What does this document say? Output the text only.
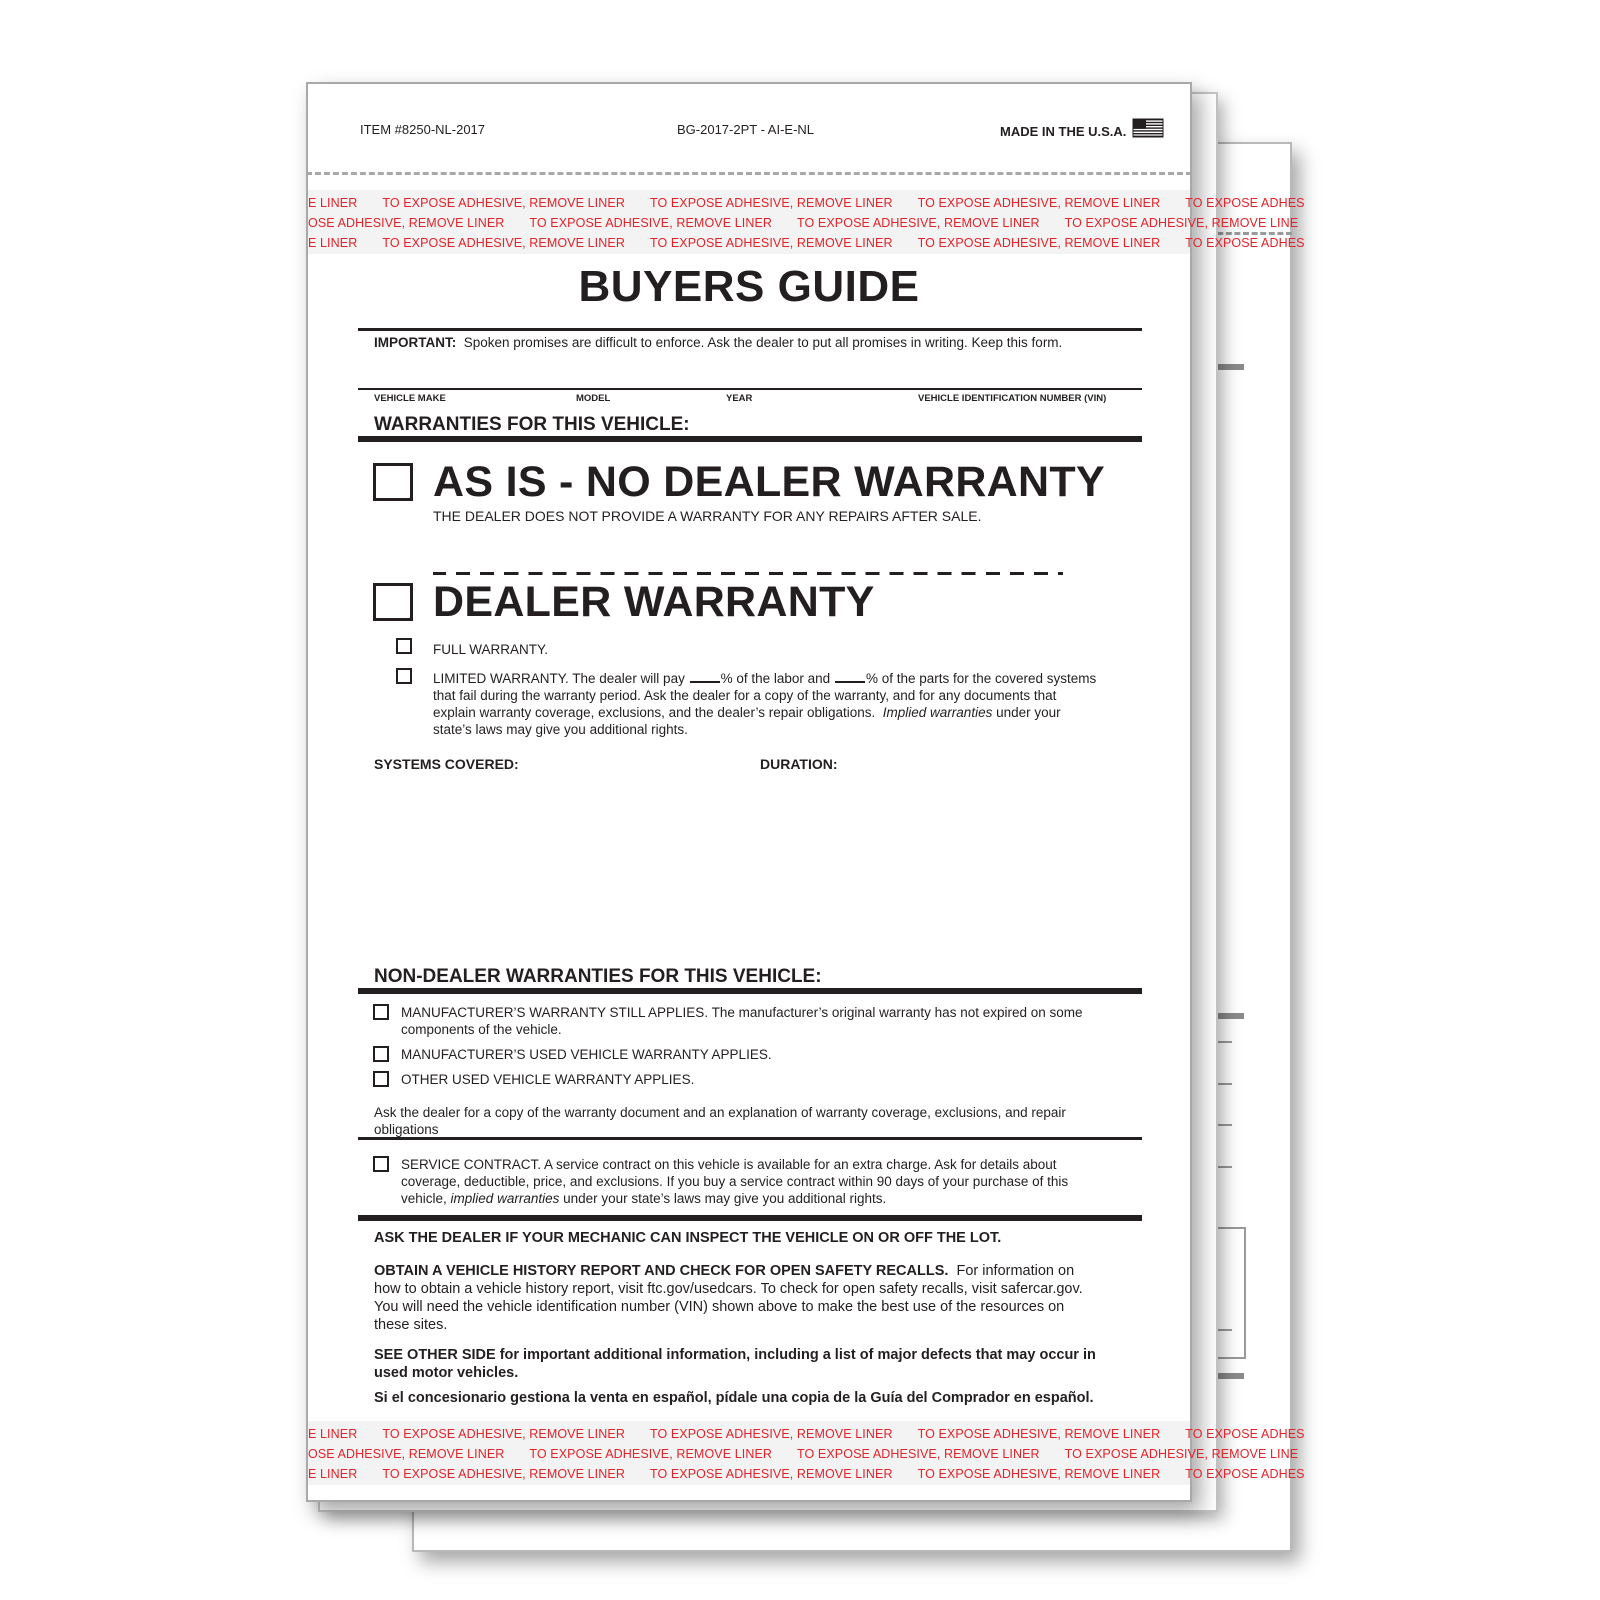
ITEM #8250-NL-2017	BG-2017-2PT - AI-E-NL	MADE IN THE U.S.A.
E LINER TO EXPOSE ADHESIVE, REMOVE LINER TO EXPOSE ADHESIVE, REMOVE LINER TO EXPOSE ADHESIVE, REMOVE LINER TO EXPOSE ADHES
OSE ADHESIVE, REMOVE LINER TO EXPOSE ADHESIVE, REMOVE LINER TO EXPOSE ADHESIVE, REMOVE LINER TO EXPOSE ADHESIVE, REMOVE LINE
E LINER TO EXPOSE ADHESIVE, REMOVE LINER TO EXPOSE ADHESIVE, REMOVE LINER TO EXPOSE ADHESIVE, REMOVE LINER TO EXPOSE ADHES
BUYERS GUIDE
IMPORTANT: Spoken promises are difficult to enforce. Ask the dealer to put all promises in writing. Keep this form.
VEHICLE MAKE	MODEL	YEAR	VEHICLE IDENTIFICATION NUMBER (VIN)
WARRANTIES FOR THIS VEHICLE:
AS IS - NO DEALER WARRANTY
THE DEALER DOES NOT PROVIDE A WARRANTY FOR ANY REPAIRS AFTER SALE.
DEALER WARRANTY
FULL WARRANTY.
LIMITED WARRANTY. The dealer will pay	% of the labor and	% of the parts for the covered systems
that fail during the warranty period. Ask the dealer for a copy of the warranty, and for any documents that
explain warranty coverage, exclusions, and the dealer’s repair obligations. Implied warranties under your
state’s laws may give you additional rights.
SYSTEMS COVERED:	DURATION:
NON-DEALER WARRANTIES FOR THIS VEHICLE:
MANUFACTURER’S WARRANTY STILL APPLIES. The manufacturer’s original warranty has not expired on some
components of the vehicle.
MANUFACTURER’S USED VEHICLE WARRANTY APPLIES.
OTHER USED VEHICLE WARRANTY APPLIES.
Ask the dealer for a copy of the warranty document and an explanation of warranty coverage, exclusions, and repair
obligations
SERVICE CONTRACT. A service contract on this vehicle is available for an extra charge. Ask for details about
coverage, deductible, price, and exclusions. If you buy a service contract within 90 days of your purchase of this
vehicle, implied warranties under your state’s laws may give you additional rights.
ASK THE DEALER IF YOUR MECHANIC CAN INSPECT THE VEHICLE ON OR OFF THE LOT.
OBTAIN A VEHICLE HISTORY REPORT AND CHECK FOR OPEN SAFETY RECALLS. For information on
how to obtain a vehicle history report, visit ftc.gov/usedcars. To check for open safety recalls, visit safercar.gov.
You will need the vehicle identification number (VIN) shown above to make the best use of the resources on
these sites.
SEE OTHER SIDE for important additional information, including a list of major defects that may occur in
used motor vehicles.
Si el concesionario gestiona la venta en español, pídale una copia de la Guía del Comprador en español.
E LINER TO EXPOSE ADHESIVE, REMOVE LINER TO EXPOSE ADHESIVE, REMOVE LINER TO EXPOSE ADHESIVE, REMOVE LINER TO EXPOSE ADHES
OSE ADHESIVE, REMOVE LINER TO EXPOSE ADHESIVE, REMOVE LINER TO EXPOSE ADHESIVE, REMOVE LINER TO EXPOSE ADHESIVE, REMOVE LINE
E LINER TO EXPOSE ADHESIVE, REMOVE LINER TO EXPOSE ADHESIVE, REMOVE LINER TO EXPOSE ADHESIVE, REMOVE LINER TO EXPOSE ADHES
